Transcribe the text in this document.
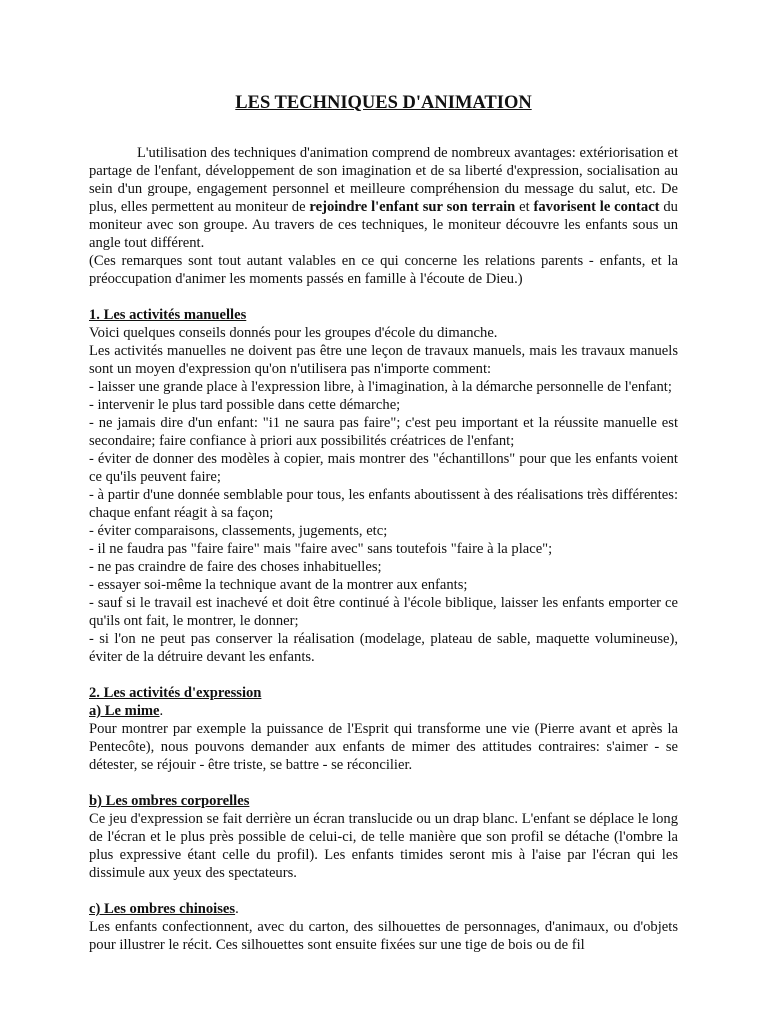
LES TECHNIQUES D'ANIMATION

L'utilisation des techniques d'animation comprend de nombreux avantages: extériorisation et partage de l'enfant, développement de son imagination et de sa liberté d'expression, socialisation au sein d'un groupe, engagement personnel et meilleure compréhension du message du salut, etc. De plus, elles permettent au moniteur de rejoindre l'enfant sur son terrain et favorisent le contact du moniteur avec son groupe. Au travers de ces techniques, le moniteur découvre les enfants sous un angle tout différent.

(Ces remarques sont tout autant valables en ce qui concerne les relations parents - enfants, et la préoccupation d'animer les moments passés en famille à l'écoute de Dieu.)

1. Les activités manuelles

Voici quelques conseils donnés pour les groupes d'école du dimanche.

Les activités manuelles ne doivent pas être une leçon de travaux manuels, mais les travaux manuels sont un moyen d'expression qu'on n'utilisera pas n'importe comment:

- laisser une grande place à l'expression libre, à l'imagination, à la démarche personnelle de l'enfant;

- intervenir le plus tard possible dans cette démarche;

- ne jamais dire d'un enfant: "i1 ne saura pas faire"; c'est peu important et la réussite manuelle est secondaire; faire confiance à priori aux possibilités créatrices de l'enfant;

- éviter de donner des modèles à copier, mais montrer des "échantillons" pour que les enfants voient ce qu'ils peuvent faire;

- à partir d'une donnée semblable pour tous, les enfants aboutissent à des réalisations très différentes: chaque enfant réagit à sa façon;

- éviter comparaisons, classements, jugements, etc;

- il ne faudra pas "faire faire" mais "faire avec" sans toutefois "faire à la place";

- ne pas craindre de faire des choses inhabituelles;

- essayer soi-même la technique avant de la montrer aux enfants;

- sauf si le travail est inachevé et doit être continué à l'école biblique, laisser les enfants emporter ce qu'ils ont fait, le montrer, le donner;

- si l'on ne peut pas conserver la réalisation (modelage, plateau de sable, maquette volumineuse), éviter de la détruire devant les enfants.

2. Les activités d'expression

a) Le mime.

Pour montrer par exemple la puissance de l'Esprit qui transforme une vie (Pierre avant et après la Pentecôte), nous pouvons demander aux enfants de mimer des attitudes contraires: s'aimer - se détester, se réjouir - être triste, se battre - se réconcilier.

b) Les ombres corporelles

Ce jeu d'expression se fait derrière un écran translucide ou un drap blanc. L'enfant se déplace le long de l'écran et le plus près possible de celui-ci, de telle manière que son profil se détache (l'ombre la plus expressive étant celle du profil). Les enfants timides seront mis à l'aise par l'écran qui les dissimule aux yeux des spectateurs.

c) Les ombres chinoises.

Les enfants confectionnent, avec du carton, des silhouettes de personnages, d'animaux, ou d'objets pour illustrer le récit. Ces silhouettes sont ensuite fixées sur une tige de bois ou de fil
